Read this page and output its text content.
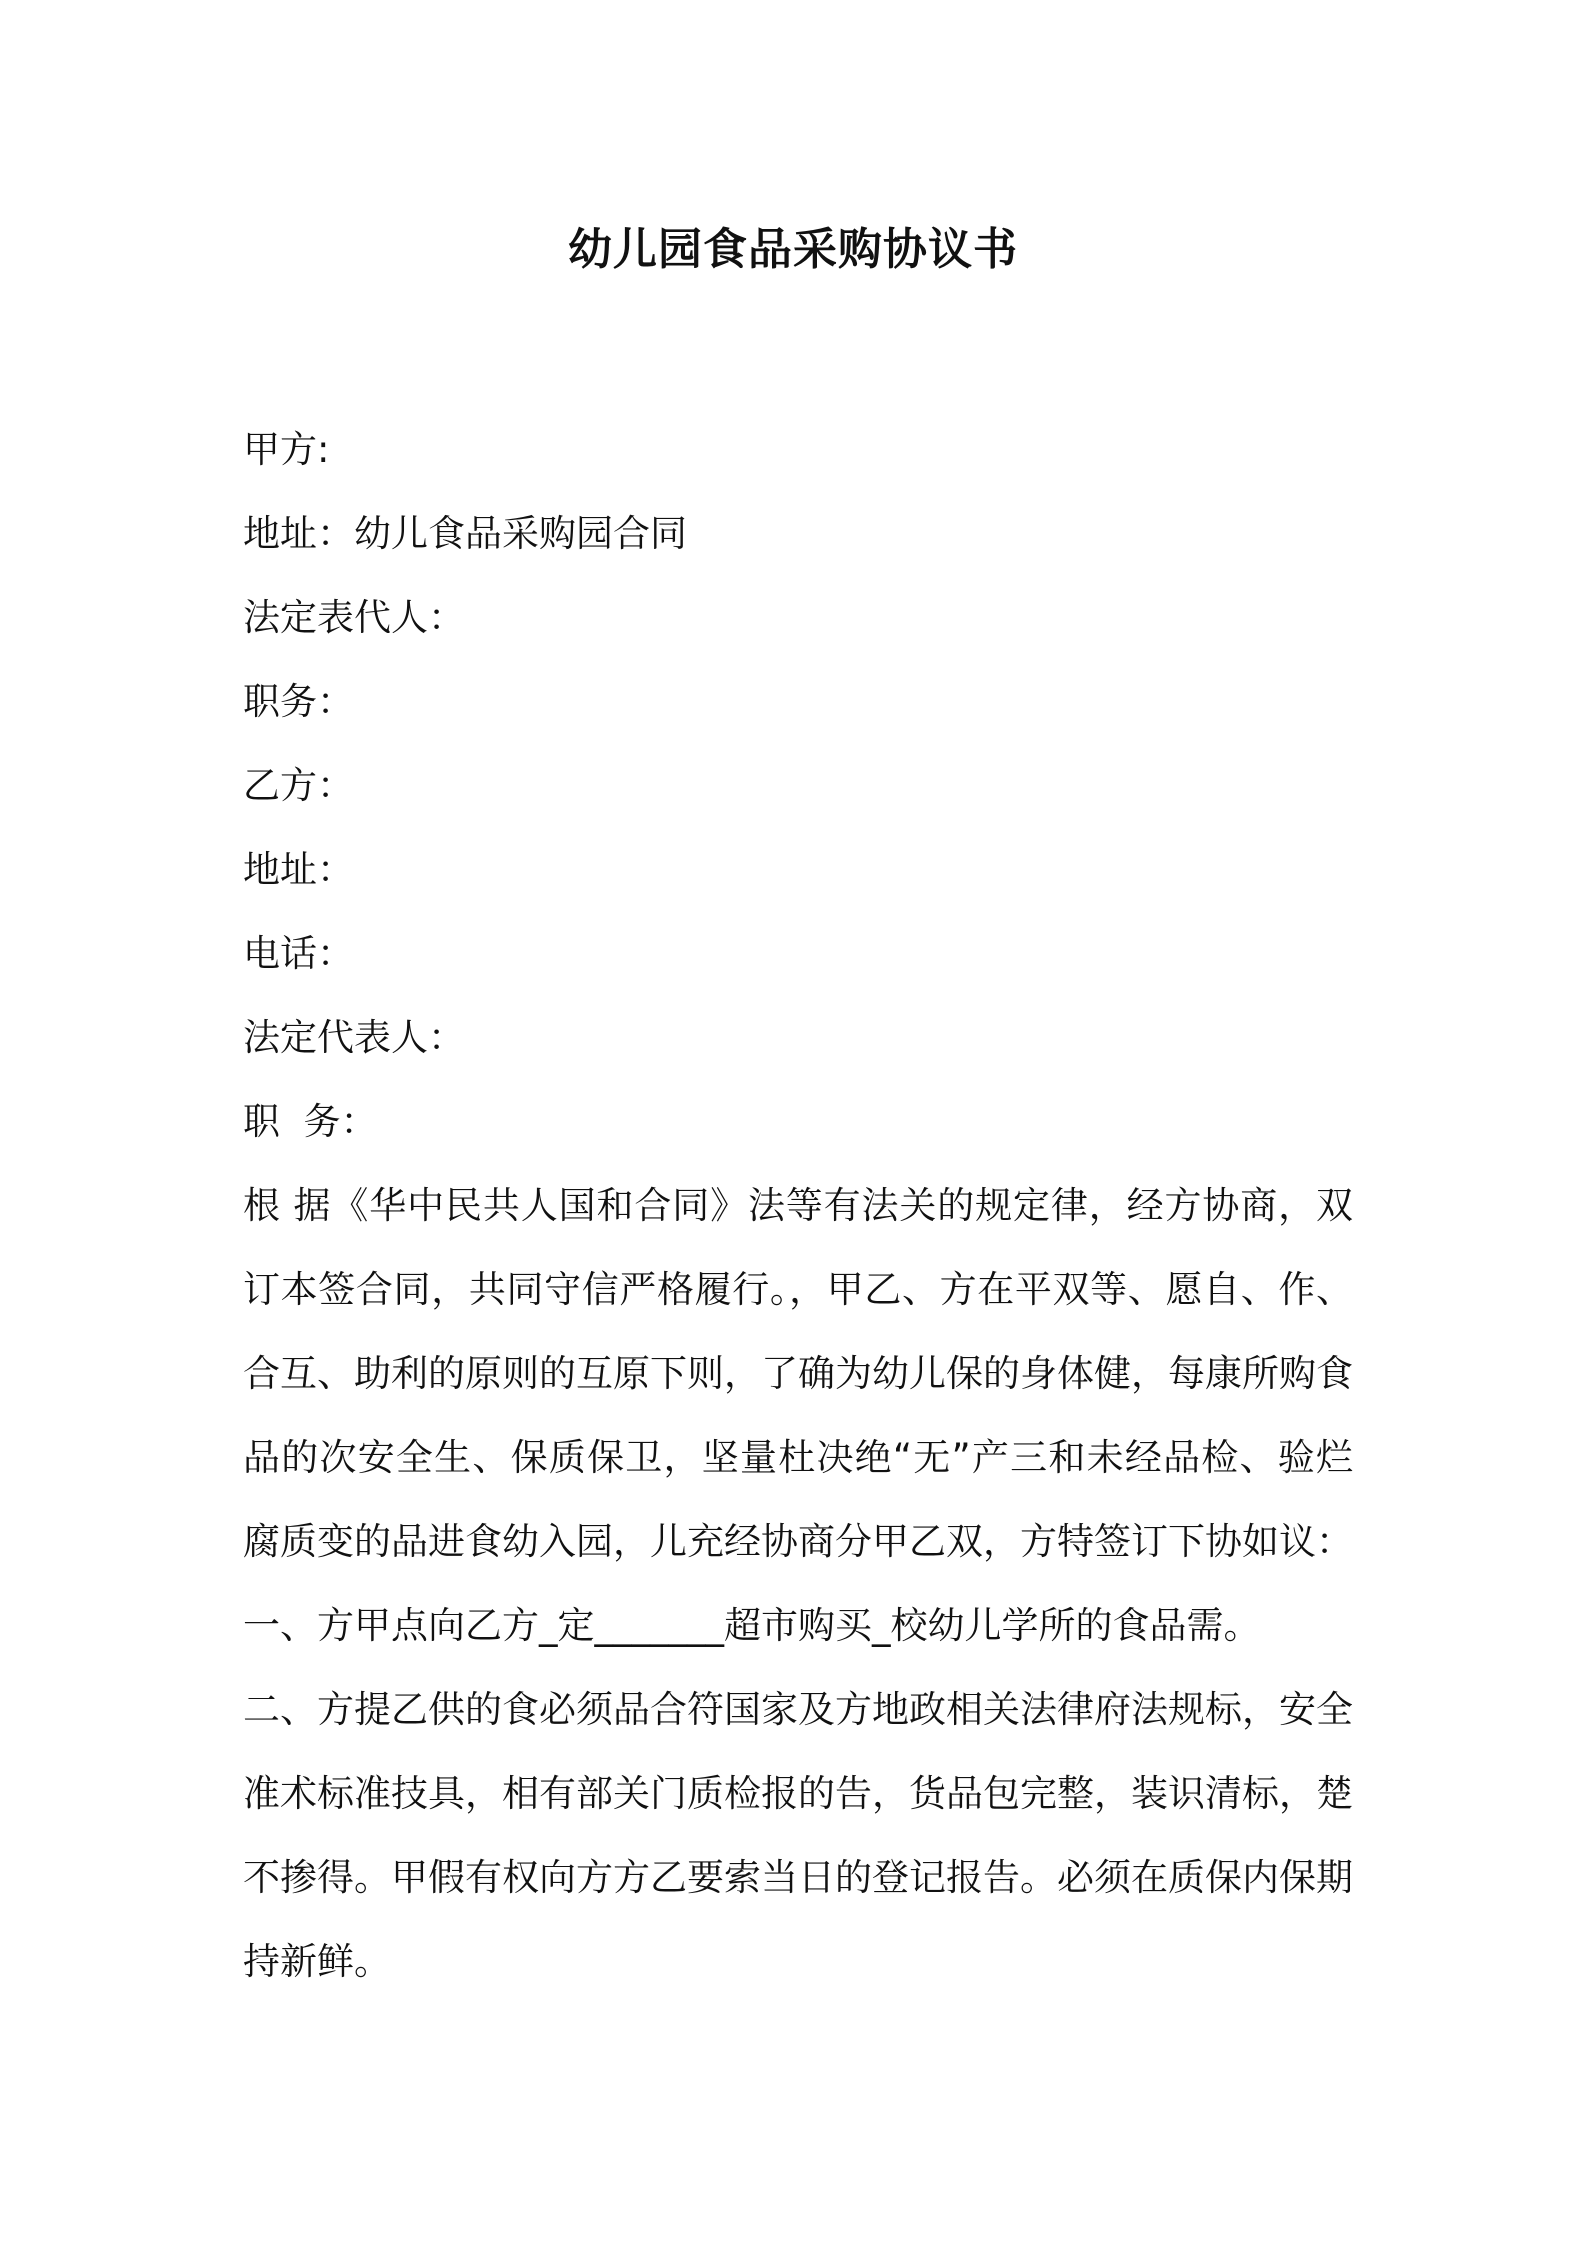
幼儿园食品采购协议书
甲方:
地址：幼儿食品采购园合同
法定表代人：
职务：
乙方：
地址：
电话：
法定代表人：
职  务：
根 据《华中民共人国和合同》法等有法关的规定律，经方协商，双订本签合同，共同守信严格履行。，甲乙、方在平双等、愿自、作、合互、助利的原则的互原下则，了确为幼儿保的身体健，每康所购食品的次安全生、保质保卫，坚量杜决绝“无”产三和未经品检、验烂腐质变的品进食幼入园，儿充经协商分甲乙双，方特签订下协如议：
一、方甲点向乙方_定_______超市购买_校幼儿学所的食品需。
二、方提乙供的食必须品合符国家及方地政相关法律府法规标，安全准术标准技具，相有部关门质检报的告，货品包完整，装识清标，楚不掺得。甲假有权向方方乙要索当日的登记报告。必须在质保内保期持新鲜。
